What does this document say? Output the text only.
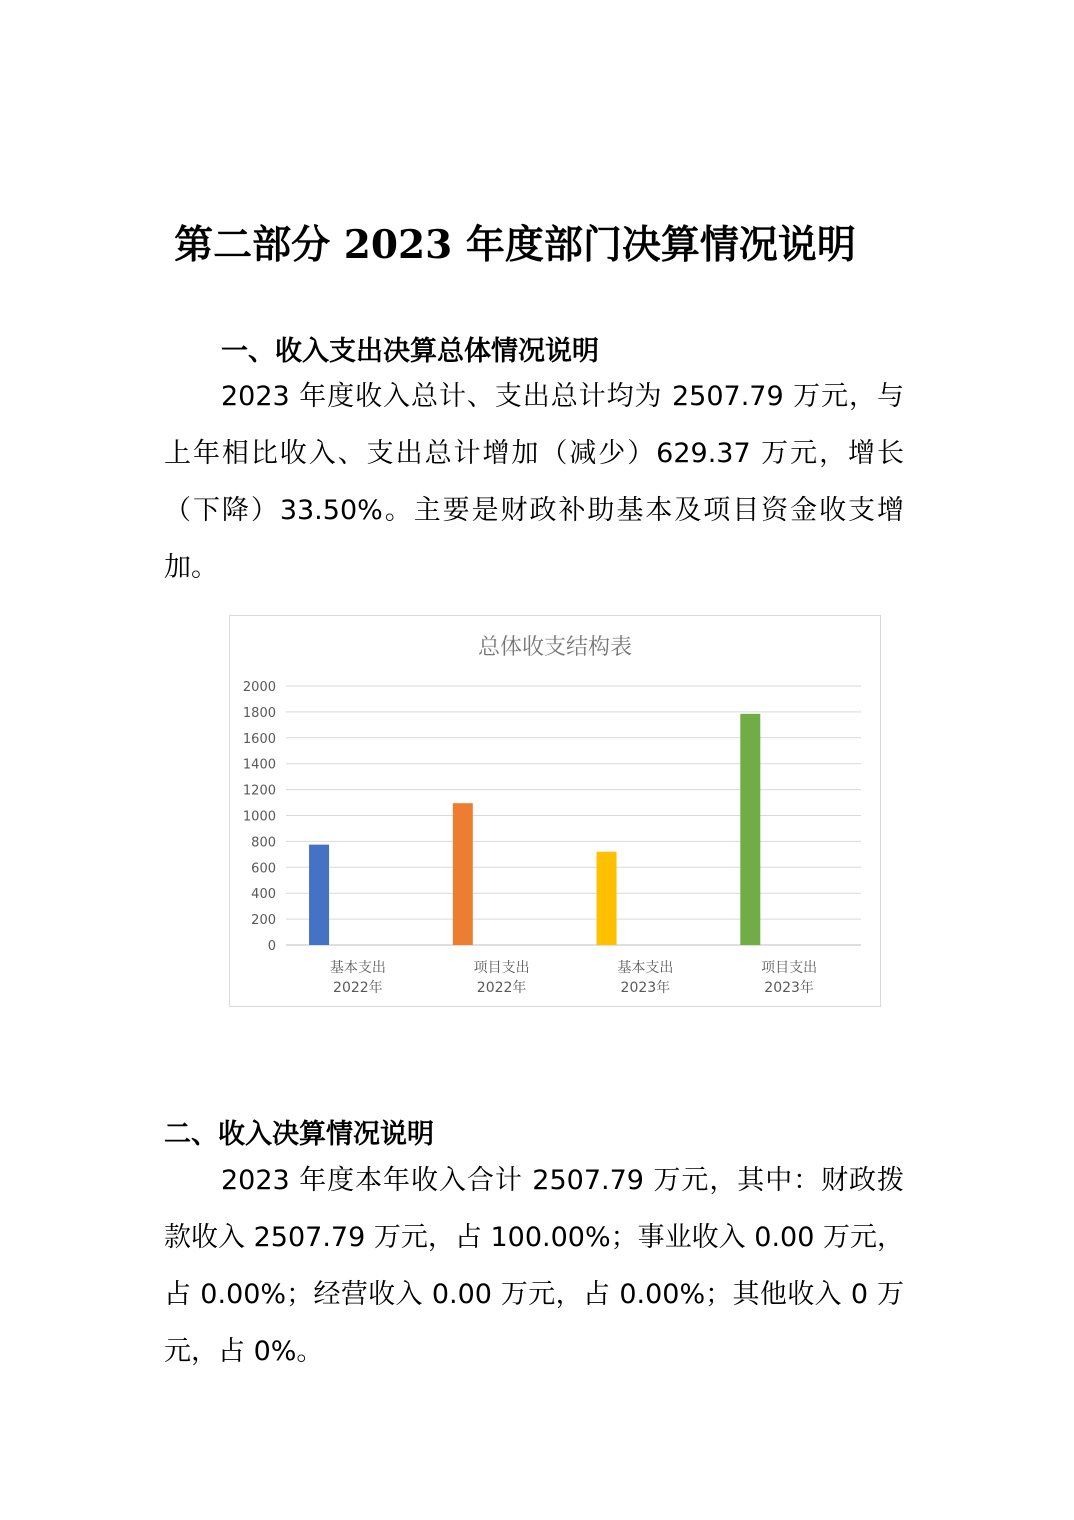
第二部分 2023 年度部门决算情况说明
一、收入支出决算总体情况说明

2023 年度收入总计、支出总计均为 2507.79 万元，与上年相比收入、支出总计增加（减少）629.37 万元，增长（下降）33.50%。主要是财政补助基本及项目资金收支增加。

总体收支结构表
0
200
400
600
800
1000
1200
1400
1600
1800
2000
基本支出
2022年
项目支出
2022年
基本支出
2023年
项目支出
2023年
二、收入决算情况说明

2023 年度本年收入合计 2507.79 万元，其中：财政拨款收入 2507.79 万元，占 100.00%；事业收入 0.00 万元，占 0.00%；经营收入 0.00 万元，占 0.00%；其他收入 0 万元，占 0%。
